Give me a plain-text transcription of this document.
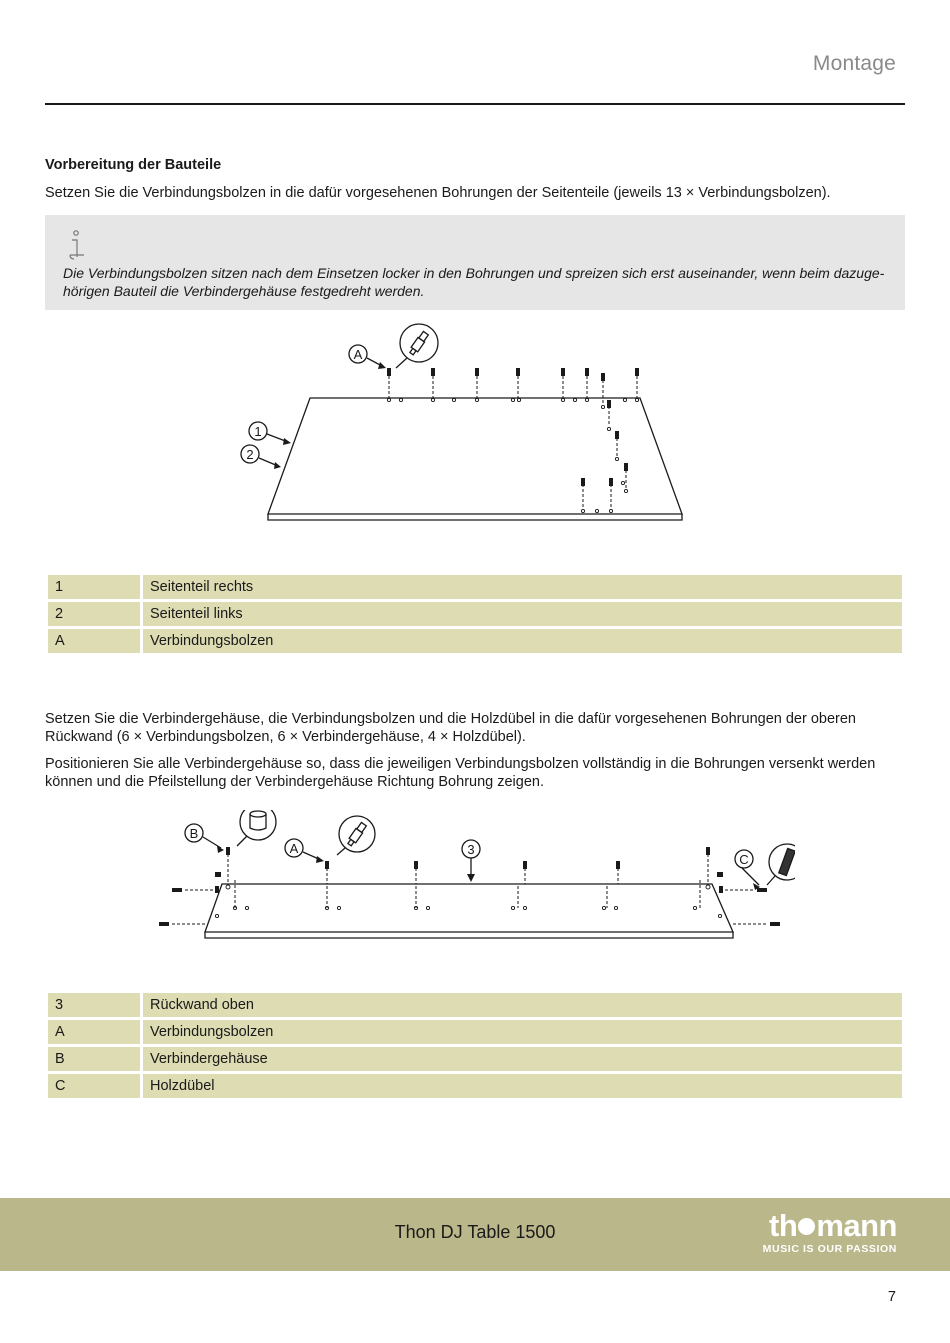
Montage
Vorbereitung der Bauteile
Setzen Sie die Verbindungsbolzen in die dafür vorgesehenen Bohrungen der Seitenteile (jeweils 13 × Verbindungsbolzen).
Die Verbindungsbolzen sitzen nach dem Einsetzen locker in den Bohrungen und spreizen sich erst auseinander, wenn beim dazugehörigen Bauteil die Verbindergehäuse festgedreht werden.
A
1
2
1	Seitenteil rechts
2	Seitenteil links
A	Verbindungsbolzen
Setzen Sie die Verbindergehäuse, die Verbindungsbolzen und die Holzdübel in die dafür vorgesehenen Bohrungen der oberen Rückwand (6 × Verbindungsbolzen, 6 × Verbindergehäuse, 4 × Holzdübel).
Positionieren Sie alle Verbindergehäuse so, dass die jeweiligen Verbindungsbolzen vollständig in die Bohrungen versenkt werden können und die Pfeilstellung der Verbindergehäuse Richtung Bohrung zeigen.
B
A	3
C
3	Rückwand oben
A	Verbindungsbolzen
B	Verbindergehäuse
C	Holzdübel
Thon DJ Table 1500	th mann
MUSIC IS OUR PASSION
7
